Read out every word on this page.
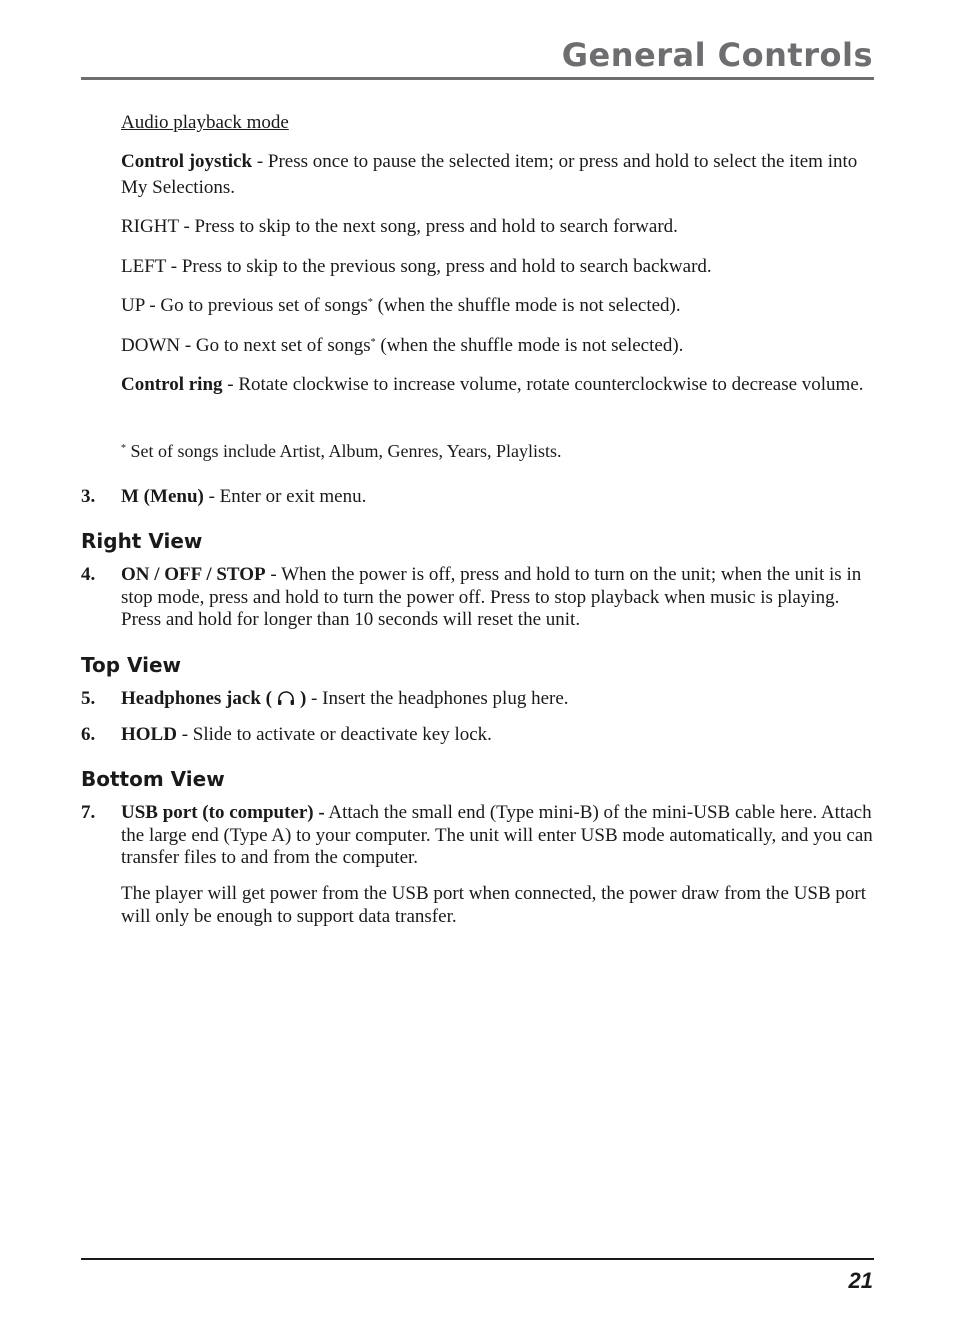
General Controls

Audio playback mode

Control joystick - Press once to pause the selected item; or press and hold to select the item into My Selections.

RIGHT - Press to skip to the next song, press and hold to search forward.

LEFT - Press to skip to the previous song, press and hold to search backward.

UP - Go to previous set of songs* (when the shuffle mode is not selected).

DOWN - Go to next set of songs* (when the shuffle mode is not selected).

Control ring - Rotate clockwise to increase volume, rotate counterclockwise to decrease volume.

* Set of songs include Artist, Album, Genres, Years, Playlists.

3. M (Menu) - Enter or exit menu.

Right View

4. ON / OFF / STOP - When the power is off, press and hold to turn on the unit; when the unit is in stop mode, press and hold to turn the power off. Press to stop playback when music is playing. Press and hold for longer than 10 seconds will reset the unit.

Top View

5. Headphones jack ( ) - Insert the headphones plug here.

6. HOLD - Slide to activate or deactivate key lock.

Bottom View

7. USB port (to computer) - Attach the small end (Type mini-B) of the mini-USB cable here. Attach the large end (Type A) to your computer. The unit will enter USB mode automatically, and you can transfer files to and from the computer.

The player will get power from the USB port when connected, the power draw from the USB port will only be enough to support data transfer.

21
